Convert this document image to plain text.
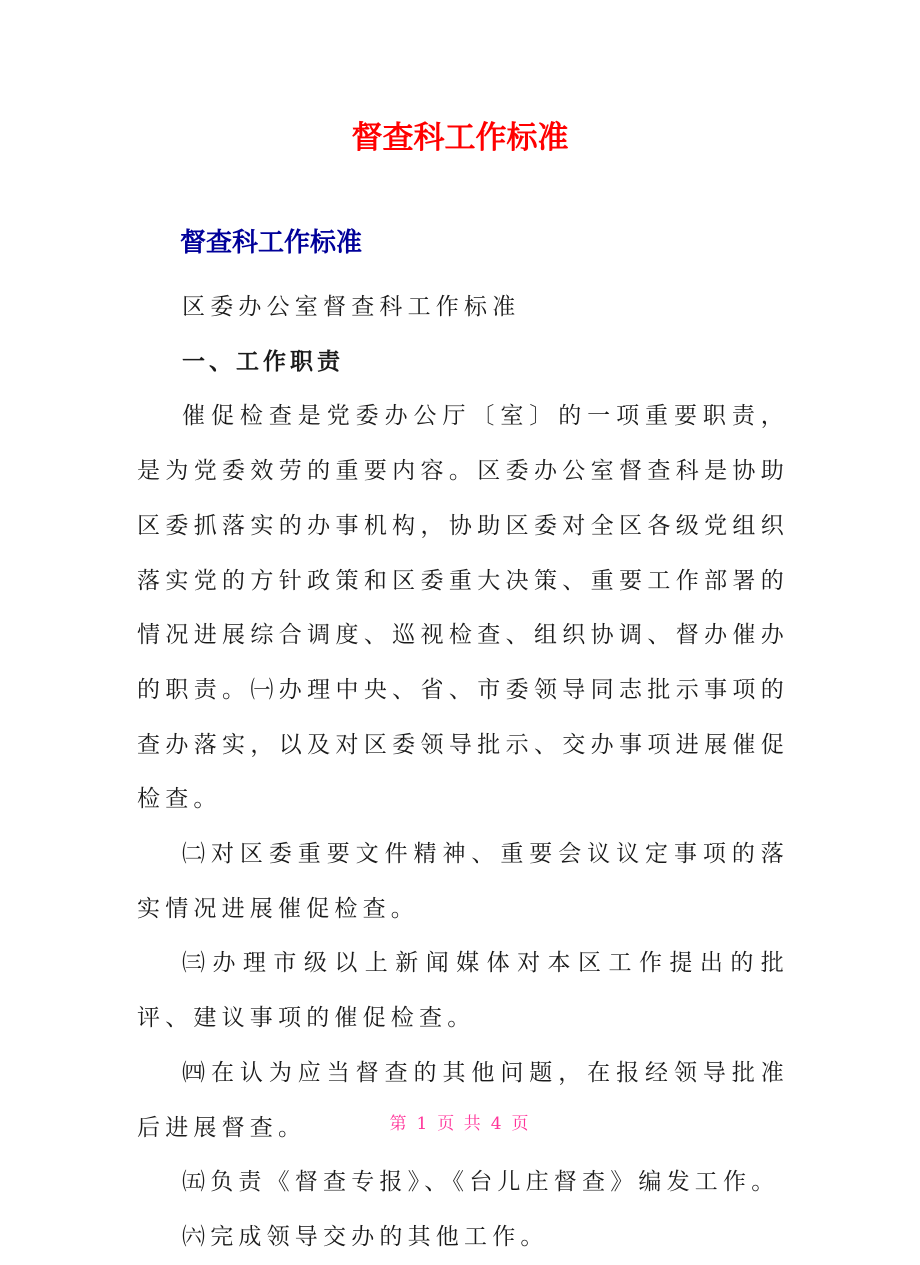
督查科工作标准
督查科工作标准

区委办公室督查科工作标准

一、工作职责

催促检查是党委办公厅〔室〕的一项重要职责，是为党委效劳的重要内容。区委办公室督查科是协助区委抓落实的办事机构，协助区委对全区各级党组织落实党的方针政策和区委重大决策、重要工作部署的情况进展综合调度、巡视检查、组织协调、督办催办的职责。㈠办理中央、省、市委领导同志批示事项的查办落实，以及对区委领导批示、交办事项进展催促检查。

㈡对区委重要文件精神、重要会议议定事项的落实情况进展催促检查。

㈢办理市级以上新闻媒体对本区工作提出的批评、建议事项的催促检查。

㈣在认为应当督查的其他问题，在报经领导批准后进展督查。

㈤负责《督查专报》、《台儿庄督查》编发工作。

㈥完成领导交办的其他工作。

第 1 页 共 4 页
